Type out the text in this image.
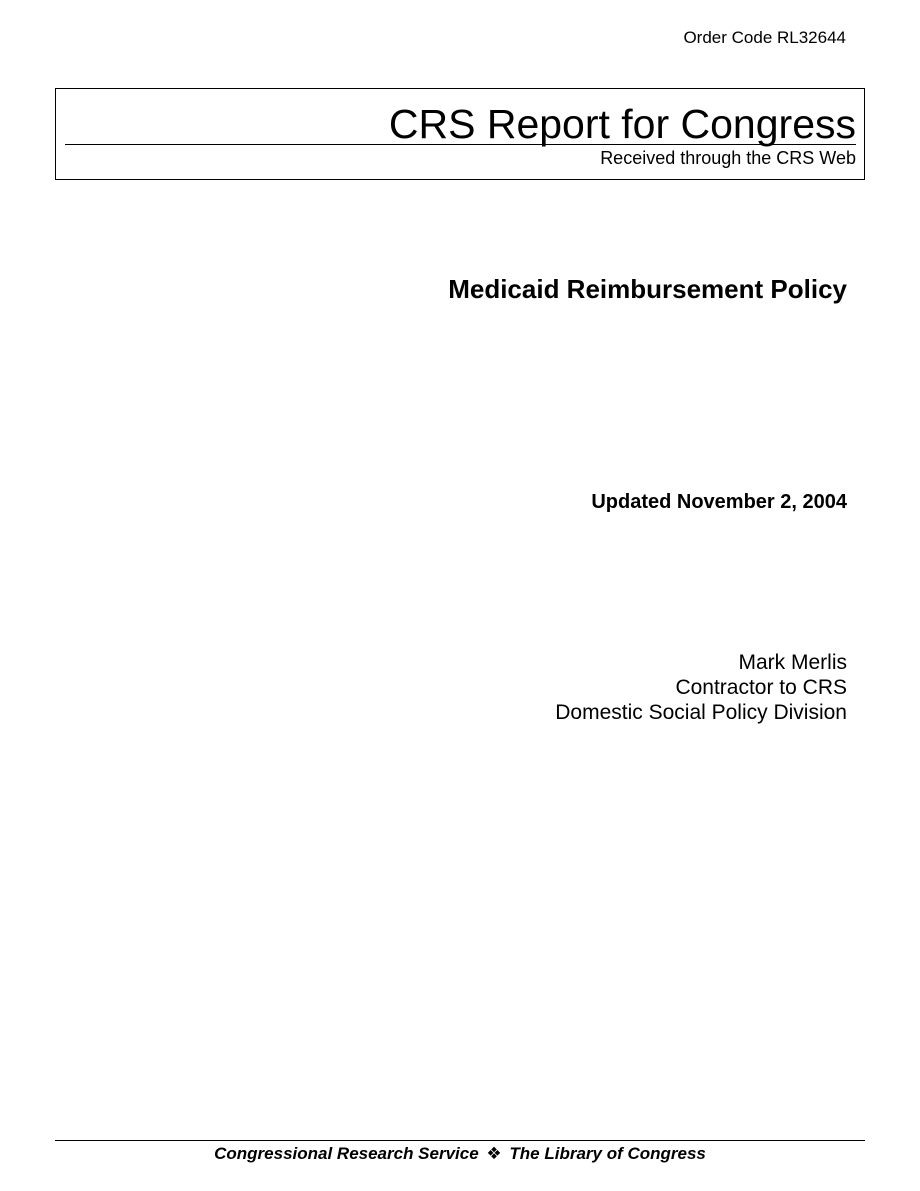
Order Code RL32644
CRS Report for Congress
Received through the CRS Web
Medicaid Reimbursement Policy
Updated November 2, 2004
Mark Merlis
Contractor to CRS
Domestic Social Policy Division
Congressional Research Service ❖ The Library of Congress
